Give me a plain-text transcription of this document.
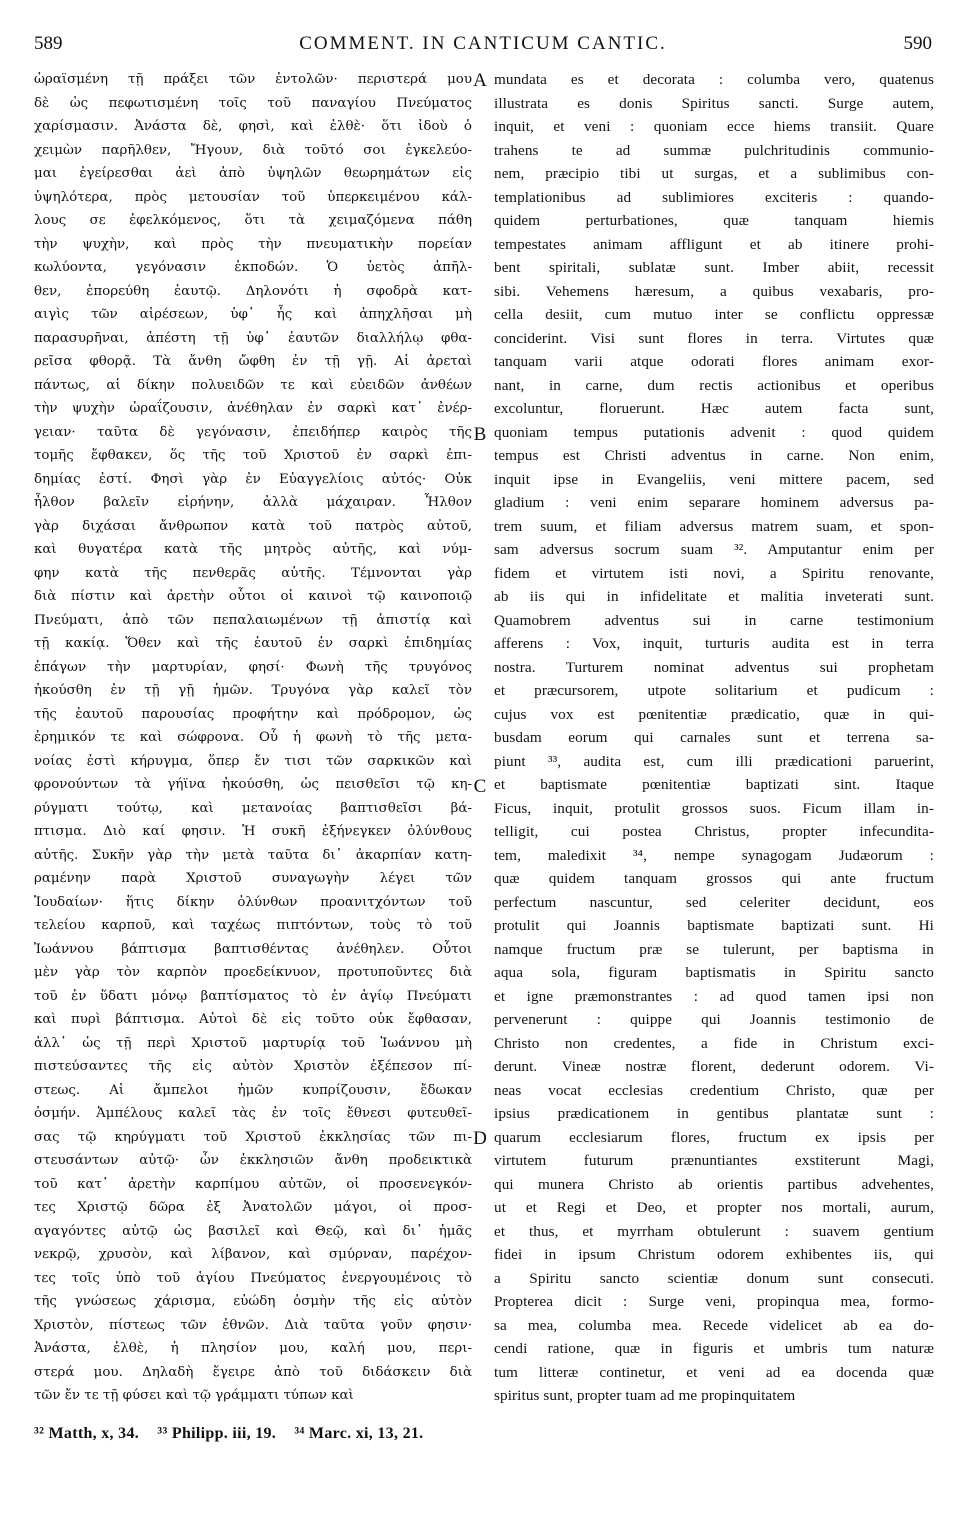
589	COMMENT. IN CANTICUM CANTIC.	590
ὡραϊσμένη τῇ πράξει τῶν ἐντολῶν· περιστερά μου
δὲ ὡς πεφωτισμένη τοῖς τοῦ παναγίου Πνεύματος
χαρίσμασιν. Ἀνάστα δὲ, φησὶ, καὶ ἐλθὲ· ὅτι ἰδοὺ ὁ
χειμὼν παρῆλθεν, Ἤγουν, διὰ τοῦτό σοι ἐγκελεύο-
μαι ἐγείρεσθαι ἀεὶ ἀπὸ ὑψηλῶν θεωρημάτων εἰς
ὑψηλότερα, πρὸς μετουσίαν τοῦ ὑπερκειμένου κάλ-
λους σε ἐφελκόμενος, ὅτι τὰ χειμαζόμενα πάθη
τὴν ψυχὴν, καὶ πρὸς τὴν πνευματικὴν πορείαν
κωλύοντα, γεγόνασιν ἐκποδών. Ὁ ὑετὸς ἀπῆλ-
θεν, ἐπορεύθη ἑαυτῷ. Δηλονότι ἡ σφοδρὰ κατ-
αιγὶς τῶν αἱρέσεων, ὑφ᾽ ἧς καὶ ἀπηχλῆσαι μὴ
παρασυρῆναι, ἀπέστη τῇ ὑφ᾽ ἑαυτῶν διαλλήλῳ φθα-
ρεῖσα φθορᾷ. Τὰ ἄνθη ὤφθη ἐν τῇ γῇ. Αἱ ἀρεταὶ
πάντως, αἱ δίκην πολυειδῶν τε καὶ εὐειδῶν ἀνθέων
τὴν ψυχὴν ὡραΐζουσιν, ἀνέθηλαν ἐν σαρκὶ κατ᾽ ἐνέρ-
γειαν· ταῦτα δὲ γεγόνασιν, ἐπειδήπερ καιρὸς τῆς
τομῆς ἔφθακεν, ὅς τῆς τοῦ Χριστοῦ ἐν σαρκὶ ἐπι-
δημίας ἐστί. Φησὶ γὰρ ἐν Εὐαγγελίοις αὐτός· Οὐκ
ἦλθον βαλεῖν εἰρήνην, ἀλλὰ μάχαιραν. Ἦλθον
γὰρ διχάσαι ἄνθρωπον κατὰ τοῦ πατρὸς αὐτοῦ,
καὶ θυγατέρα κατὰ τῆς μητρὸς αὐτῆς, καὶ νύμ-
φην κατὰ τῆς πενθερᾶς αὐτῆς. Τέμνονται γὰρ
διὰ πίστιν καὶ ἀρετὴν οὗτοι οἱ καινοὶ τῷ καινοποιῷ
Πνεύματι, ἀπὸ τῶν πεπαλαιωμένων τῇ ἀπιστίᾳ καὶ
τῇ κακίᾳ. Ὅθεν καὶ τῆς ἑαυτοῦ ἐν σαρκὶ ἐπιδημίας
ἐπάγων τὴν μαρτυρίαν, φησί· Φωνὴ τῆς τρυγόνος
ἠκούσθη ἐν τῇ γῇ ἡμῶν. Τρυγόνα γὰρ καλεῖ τὸν
τῆς ἑαυτοῦ παρουσίας προφήτην καὶ πρόδρομον, ὡς
ἐρημικόν τε καὶ σώφρονα. Οὗ ἡ φωνὴ τὸ τῆς μετα-
νοίας ἐστὶ κήρυγμα, ὅπερ ἔν τισι τῶν σαρκικῶν καὶ
φρονούντων τὰ γήϊνα ἠκούσθη, ὡς πεισθεῖσι τῷ κη-
ρύγματι τούτῳ, καὶ μετανοίας βαπτισθεῖσι βά-
πτισμα. Διὸ καί φησιν. Ἡ συκῆ ἐξήνεγκεν ὀλύνθους
αὐτῆς. Συκῆν γὰρ τὴν μετὰ ταῦτα δι᾽ ἀκαρπίαν κατη-
ραμένην παρὰ Χριστοῦ συναγωγὴν λέγει τῶν
Ἰουδαίων· ἥτις δίκην ὀλύνθων προανιτχόντων τοῦ
τελείου καρποῦ, καὶ ταχέως πιπτόντων, τοὺς τὸ τοῦ
Ἰωάννου βάπτισμα βαπτισθέντας ἀνέθηλεν. Οὗτοι
μὲν γὰρ τὸν καρπὸν προεδείκνυον, προτυποῦντες διὰ
τοῦ ἐν ὕδατι μόνῳ βαπτίσματος τὸ ἐν ἁγίῳ Πνεύματι
καὶ πυρὶ βάπτισμα. Αὐτοὶ δὲ εἰς τοῦτο οὐκ ἔφθασαν,
ἀλλ᾽ ὡς τῇ περὶ Χριστοῦ μαρτυρίᾳ τοῦ Ἰωάννου μὴ
πιστεύσαντες τῆς εἰς αὐτὸν Χριστὸν ἐξέπεσον πί-
στεως. Αἱ ἄμπελοι ἡμῶν κυπρίζουσιν, ἔδωκαν
ὀσμήν. Ἀμπέλους καλεῖ τὰς ἐν τοῖς ἔθνεσι φυτευθεῖ-
σας τῷ κηρύγματι τοῦ Χριστοῦ ἐκκλησίας τῶν πι-
στευσάντων αὐτῷ· ὧν ἐκκλησιῶν ἄνθη προδεικτικὰ
τοῦ κατ᾽ ἀρετὴν καρπίμου αὐτῶν, οἱ προσενεγκόν-
τες Χριστῷ δῶρα ἐξ Ἀνατολῶν μάγοι, οἱ προσ-
αγαγόντες αὐτῷ ὡς βασιλεῖ καὶ Θεῷ, καὶ δι᾽ ἡμᾶς
νεκρῷ, χρυσὸν, καὶ λίβανον, καὶ σμύρναν, παρέχον-
τες τοῖς ὑπὸ τοῦ ἁγίου Πνεύματος ἐνεργουμένοις τὸ
τῆς γνώσεως χάρισμα, εὐώδη ὀσμὴν τῆς εἰς αὐτὸν
Χριστὸν, πίστεως τῶν ἐθνῶν. Διὰ ταῦτα γοῦν φησιν·
Ἀνάστα, ἐλθὲ, ἡ πλησίον μου, καλή μου, περι-
στερά μου. Δηλαδὴ ἔγειρε ἀπὸ τοῦ διδάσκειν διὰ
τῶν ἔν τε τῇ φύσει καὶ τῷ γράμματι τύπων καὶ
mundata es et decorata : columba vero, quatenus
illustrata es donis Spiritus sancti. Surge autem,
inquit, et veni : quoniam ecce hiems transiit. Quare
trahens te ad summæ pulchritudinis communio-
nem, præcipio tibi ut surgas, et a sublimibus con-
templationibus ad sublimiores exciteris : quando-
quidem perturbationes, quæ tanquam hiemis
tempestates animam affligunt et ab itinere prohi-
bent spiritali, sublatæ sunt. Imber abiit, recessit
sibi. Vehemens hæresum, a quibus vexabaris, pro-
cella desiit, cum mutuo inter se conflictu oppressæ
conciderint. Visi sunt flores in terra. Virtutes quæ
tanquam varii atque odorati flores animam exor-
nant, in carne, dum rectis actionibus et operibus
excoluntur, floruerunt. Hæc autem facta sunt,
quoniam tempus putationis advenit : quod quidem
tempus est Christi adventus in carne. Non enim,
inquit ipse in Evangeliis, veni mittere pacem, sed
gladium : veni enim separare hominem adversus pa-
trem suum, et filiam adversus matrem suam, et spon-
sam adversus socrum suam ³². Amputantur enim per
fidem et virtutem isti novi, a Spiritu renovante,
ab iis qui in infidelitate et malitia inveterati sunt.
Quamobrem adventus sui in carne testimonium
afferens : Vox, inquit, turturis audita est in terra
nostra. Turturem nominat adventus sui prophetam
et præcursorem, utpote solitarium et pudicum :
cujus vox est pœnitentiæ prædicatio, quæ in qui-
busdam eorum qui carnales sunt et terrena sa-
piunt ³³, audita est, cum illi prædicationi paruerint,
et baptismate pœnitentiæ baptizati sint. Itaque
Ficus, inquit, protulit grossos suos. Ficum illam in-
telligit, cui postea Christus, propter infecundita-
tem, maledixit ³⁴, nempe synagogam Judæorum :
quæ quidem tanquam grossos qui ante fructum
perfectum nascuntur, sed celeriter decidunt, eos
protulit qui Joannis baptismate baptizati sunt. Hi
namque fructum præ se tulerunt, per baptisma in
aqua sola, figuram baptismatis in Spiritu sancto
et igne præmonstrantes : ad quod tamen ipsi non
pervenerunt : quippe qui Joannis testimonio de
Christo non credentes, a fide in Christum exci-
derunt. Vineæ nostræ florent, dederunt odorem. Vi-
neas vocat ecclesias credentium Christo, quæ per
ipsius prædicationem in gentibus plantatæ sunt :
quarum ecclesiarum flores, fructum ex ipsis per
virtutem futurum prænuntiantes exstiterunt Magi,
qui munera Christo ab orientis partibus advehentes,
ut et Regi et Deo, et propter nos mortali, aurum,
et thus, et myrrham obtulerunt : suavem gentium
fidei in ipsum Christum odorem exhibentes iis, qui
a Spiritu sancto scientiæ donum sunt consecuti.
Propterea dicit : Surge veni, propinqua mea, formo-
sa mea, columba mea. Recede videlicet ab ea do-
cendi ratione, quæ in figuris et umbris tum naturæ
tum litteræ continetur, et veni ad ea docenda quæ
spiritus sunt, propter tuam ad me propinquitatem
A
B
C
D
³² Matth, x, 34. ³³ Philipp. iii, 19. ³⁴ Marc. xi, 13, 21.
